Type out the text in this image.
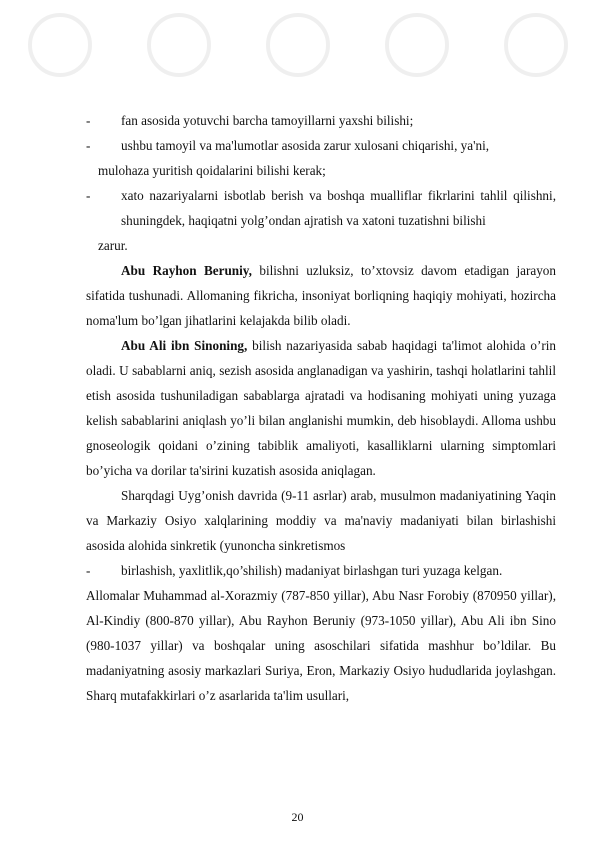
- fan asosida yotuvchi barcha tamoyillarni yaxshi bilishi;
- ushbu tamoyil va ma'lumotlar asosida zarur xulosani chiqarishi, ya'ni,
mulohaza yuritish qoidalarini bilishi kerak;
- xato nazariyalarni isbotlab berish va boshqa mualliflar fikrlarini tahlil qilishni, shuningdek, haqiqatni yolg’ondan ajratish va xatoni tuzatishni bilishi
zarur.

Abu Rayhon Beruniy, bilishni uzluksiz, to’xtovsiz davom etadigan jarayon sifatida tushunadi. Allomaning fikricha, insoniyat borliqning haqiqiy mohiyati, hozircha noma'lum bo’lgan jihatlarini kelajakda bilib oladi.

Abu Ali ibn Sinoning, bilish nazariyasida sabab haqidagi ta'limot alohida o’rin oladi. U sabablarni aniq, sezish asosida anglanadigan va yashirin, tashqi holatlarini tahlil etish asosida tushuniladigan sabablarga ajratadi va hodisaning mohiyati uning yuzaga kelish sabablarini aniqlash yo’li bilan anglanishi mumkin, deb hisoblaydi. Alloma ushbu gnoseologik qoidani o’zining tabiblik amaliyoti, kasalliklarni ularning simptomlari bo’yicha va dorilar ta'sirini kuzatish asosida aniqlagan.

Sharqdagi Uyg’onish davrida (9-11 asrlar) arab, musulmon madaniyatining Yaqin va Markaziy Osiyo xalqlarining moddiy va ma'naviy madaniyati bilan birlashishi asosida alohida sinkretik (yunoncha sinkretismos

- birlashish, yaxlitlik,qo’shilish) madaniyat birlashgan turi yuzaga kelgan.

Allomalar Muhammad al-Xorazmiy (787-850 yillar), Abu Nasr Forobiy (870950 yillar), Al-Kindiy (800-870 yillar), Abu Rayhon Beruniy (973-1050 yillar), Abu Ali ibn Sino (980-1037 yillar) va boshqalar uning asoschilari sifatida mashhur bo’ldilar. Bu madaniyatning asosiy markazlari Suriya, Eron, Markaziy Osiyo hududlarida joylashgan. Sharq mutafakkirlari o’z asarlarida ta'lim usullari,

20
